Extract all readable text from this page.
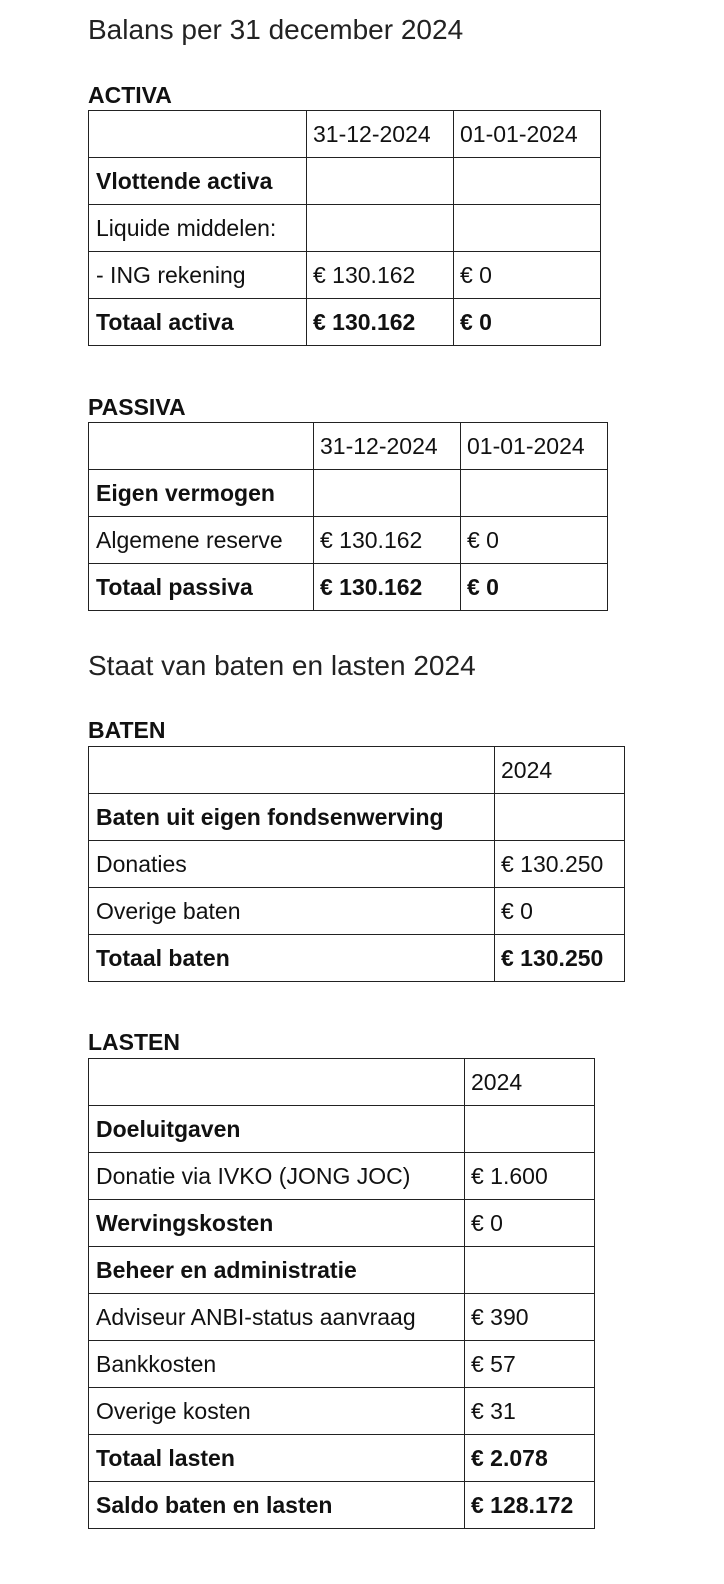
Balans per 31 december 2024
ACTIVA
	31-12-2024	01-01-2024
Vlottende activa		
Liquide middelen:		
- ING rekening	€ 130.162	€ 0
Totaal activa	€ 130.162	€ 0
PASSIVA
	31-12-2024	01-01-2024
Eigen vermogen		
Algemene reserve	€ 130.162	€ 0
Totaal passiva	€ 130.162	€ 0
Staat van baten en lasten 2024
BATEN
	2024
Baten uit eigen fondsenwerving	
Donaties	€ 130.250
Overige baten	€ 0
Totaal baten	€ 130.250
LASTEN
	2024
Doeluitgaven	
Donatie via IVKO (JONG JOC)	€ 1.600
Wervingskosten	€ 0
Beheer en administratie	
Adviseur ANBI-status aanvraag	€ 390
Bankkosten	€ 57
Overige kosten	€ 31
Totaal lasten	€ 2.078
Saldo baten en lasten	€ 128.172
